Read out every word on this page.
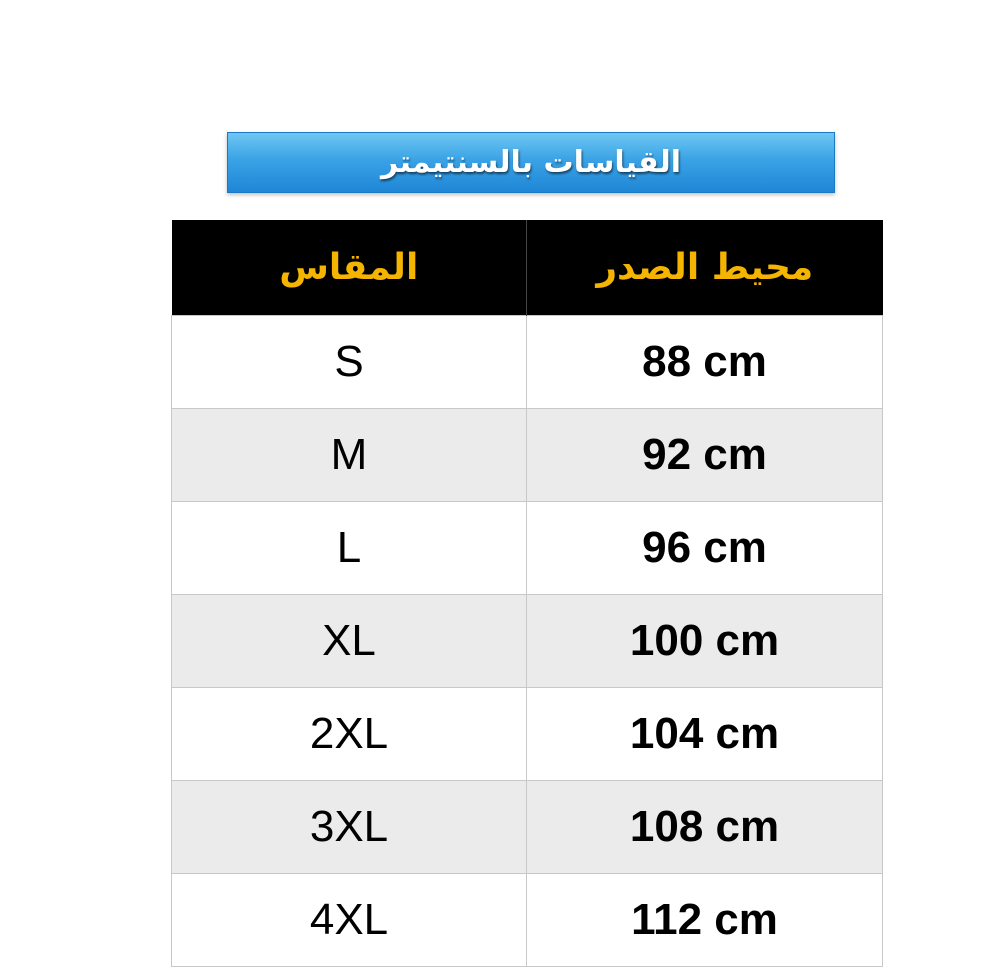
القياسات بالسنتيمتر
المقاس	محيط الصدر
S	88 cm
M	92 cm
L	96 cm
XL	100 cm
2XL	104 cm
3XL	108 cm
4XL	112 cm
